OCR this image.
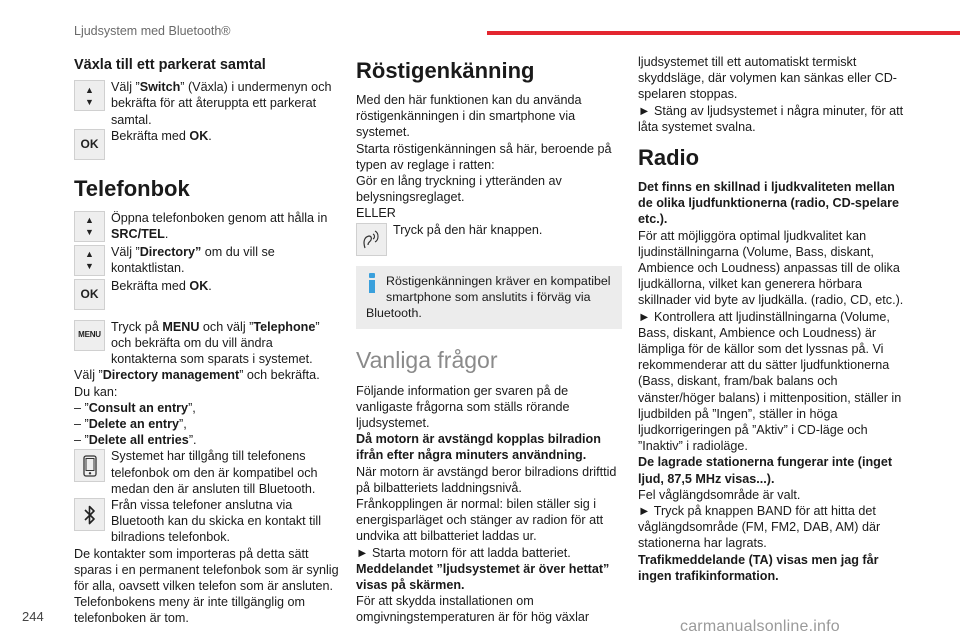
Ljudsystem med Bluetooth®
Växla till ett parkerat samtal
▲
▼
Välj ”Switch” (Växla) i undermenyn och bekräfta för att återuppta ett parkerat samtal.
OK
Bekräfta med OK.
Telefonbok
▲
▼
Öppna telefonboken genom att hålla in SRC/TEL.
▲
▼
Välj ”Directory” om du vill se kontaktlistan.
OK
Bekräfta med OK.
MENU
Tryck på MENU och välj ”Telephone” och bekräfta om du vill ändra kontakterna som sparats i systemet.

Välj ”Directory management” och bekräfta.

Du kan:

– ”Consult an entry”,

– ”Delete an entry”,

– ”Delete all entries”.

Systemet har tillgång till telefonens telefonbok om den är kompatibel och medan den är ansluten till Bluetooth.
Från vissa telefoner anslutna via Bluetooth kan du skicka en kontakt till bilradions telefonbok.

De kontakter som importeras på detta sätt sparas i en permanent telefonbok som är synlig för alla, oavsett vilken telefon som är ansluten.

Telefonbokens meny är inte tillgänglig om telefonboken är tom.

Röstigenkänning

Med den här funktionen kan du använda röstigenkänningen i din smartphone via systemet.

Starta röstigenkänningen så här, beroende på typen av reglage i ratten:

Gör en lång tryckning i ytteränden av belysningsreglaget.

ELLER

Tryck på den här knappen.
Röstigenkänningen kräver en kompatibel smartphone som anslutits i förväg via Bluetooth.
Vanliga frågor

Följande information ger svaren på de vanligaste frågorna som ställs rörande ljudsystemet.

Då motorn är avstängd kopplas bilradion ifrån efter några minuters användning.

När motorn är avstängd beror bilradions drifttid på bilbatteriets laddningsnivå.

Frånkopplingen är normal: bilen ställer sig i energisparläget och stänger av radion för att undvika att bilbatteriet laddas ur.

► Starta motorn för att ladda batteriet.

Meddelandet ”ljudsystemet är över hettat” visas på skärmen.

För att skydda installationen om omgivningstemperaturen är för hög växlar

ljudsystemet till ett automatiskt termiskt skyddsläge, där volymen kan sänkas eller CD-spelaren stoppas.

► Stäng av ljudsystemet i några minuter, för att låta systemet svalna.

Radio

Det finns en skillnad i ljudkvaliteten mellan de olika ljudfunktionerna (radio, CD-spelare etc.).

För att möjliggöra optimal ljudkvalitet kan ljudinställningarna (Volume, Bass, diskant, Ambience och Loudness) anpassas till de olika ljudkällorna, vilket kan generera hörbara skillnader vid byte av ljudkälla. (radio, CD, etc.).

► Kontrollera att ljudinställningarna (Volume, Bass, diskant, Ambience och Loudness) är lämpliga för de källor som det lyssnas på. Vi rekommenderar att du sätter ljudfunktionerna (Bass, diskant, fram/bak balans och vänster/höger balans) i mittenposition, ställer in ljudbilden på ”Ingen”, ställer in höga ljudkorrigeringen på ”Aktiv” i CD-läge och ”Inaktiv” i radioläge.

De lagrade stationerna fungerar inte (inget ljud, 87,5 MHz visas...).

Fel våglängdsområde är valt.

► Tryck på knappen BAND för att hitta det våglängdsområde (FM, FM2, DAB, AM) där stationerna har lagrats.

Trafikmeddelande (TA) visas men jag får ingen trafikinformation.

244
carmanualsonline.info
